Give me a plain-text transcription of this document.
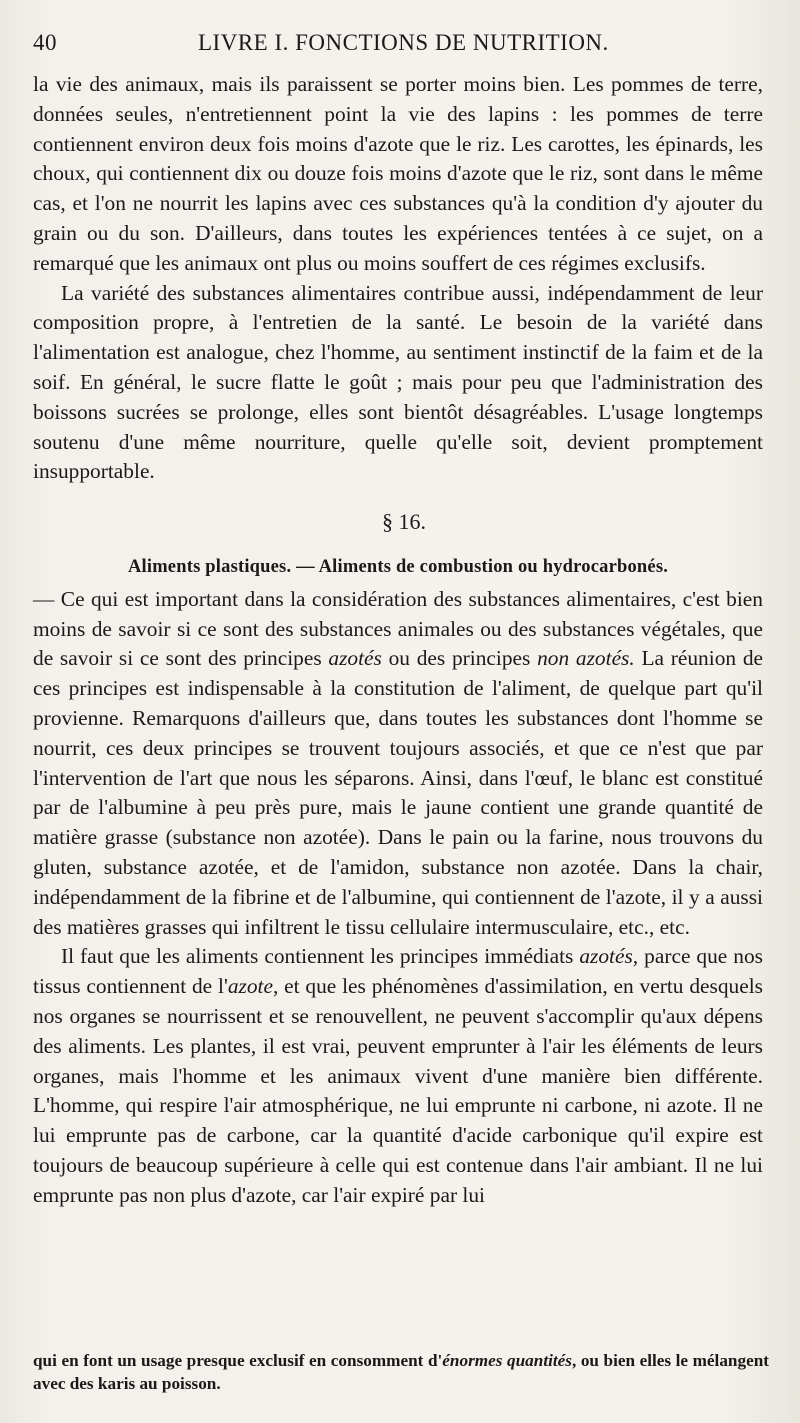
40	LIVRE I. FONCTIONS DE NUTRITION.

la vie des animaux, mais ils paraissent se porter moins bien. Les pommes de terre, données seules, n'entretiennent point la vie des lapins : les pommes de terre contiennent environ deux fois moins d'azote que le riz. Les carottes, les épinards, les choux, qui contiennent dix ou douze fois moins d'azote que le riz, sont dans le même cas, et l'on ne nourrit les lapins avec ces substances qu'à la condition d'y ajouter du grain ou du son. D'ailleurs, dans toutes les expériences tentées à ce sujet, on a remarqué que les animaux ont plus ou moins souffert de ces régimes exclusifs.

La variété des substances alimentaires contribue aussi, indépendamment de leur composition propre, à l'entretien de la santé. Le besoin de la variété dans l'alimentation est analogue, chez l'homme, au sentiment instinctif de la faim et de la soif. En général, le sucre flatte le goût ; mais pour peu que l'administration des boissons sucrées se prolonge, elles sont bientôt désagréables. L'usage longtemps soutenu d'une même nourriture, quelle qu'elle soit, devient promptement insupportable.

§ 16.
Aliments plastiques. — Aliments de combustion ou hydrocarbonés.

— Ce qui est important dans la considération des substances alimentaires, c'est bien moins de savoir si ce sont des substances animales ou des substances végétales, que de savoir si ce sont des principes azotés ou des principes non azotés. La réunion de ces principes est indispensable à la constitution de l'aliment, de quelque part qu'il provienne. Remarquons d'ailleurs que, dans toutes les substances dont l'homme se nourrit, ces deux principes se trouvent toujours associés, et que ce n'est que par l'intervention de l'art que nous les séparons. Ainsi, dans l'œuf, le blanc est constitué par de l'albumine à peu près pure, mais le jaune contient une grande quantité de matière grasse (substance non azotée). Dans le pain ou la farine, nous trouvons du gluten, substance azotée, et de l'amidon, substance non azotée. Dans la chair, indépendamment de la fibrine et de l'albumine, qui contiennent de l'azote, il y a aussi des matières grasses qui infiltrent le tissu cellulaire intermusculaire, etc., etc.

Il faut que les aliments contiennent les principes immédiats azotés, parce que nos tissus contiennent de l'azote, et que les phénomènes d'assimilation, en vertu desquels nos organes se nourrissent et se renouvellent, ne peuvent s'accomplir qu'aux dépens des aliments. Les plantes, il est vrai, peuvent emprunter à l'air les éléments de leurs organes, mais l'homme et les animaux vivent d'une manière bien différente. L'homme, qui respire l'air atmosphérique, ne lui emprunte ni carbone, ni azote. Il ne lui emprunte pas de carbone, car la quantité d'acide carbonique qu'il expire est toujours de beaucoup supérieure à celle qui est contenue dans l'air ambiant. Il ne lui emprunte pas non plus d'azote, car l'air expiré par lui

qui en font un usage presque exclusif en consomment d'énormes quantités, ou bien elles le mélangent avec des karis au poisson.
